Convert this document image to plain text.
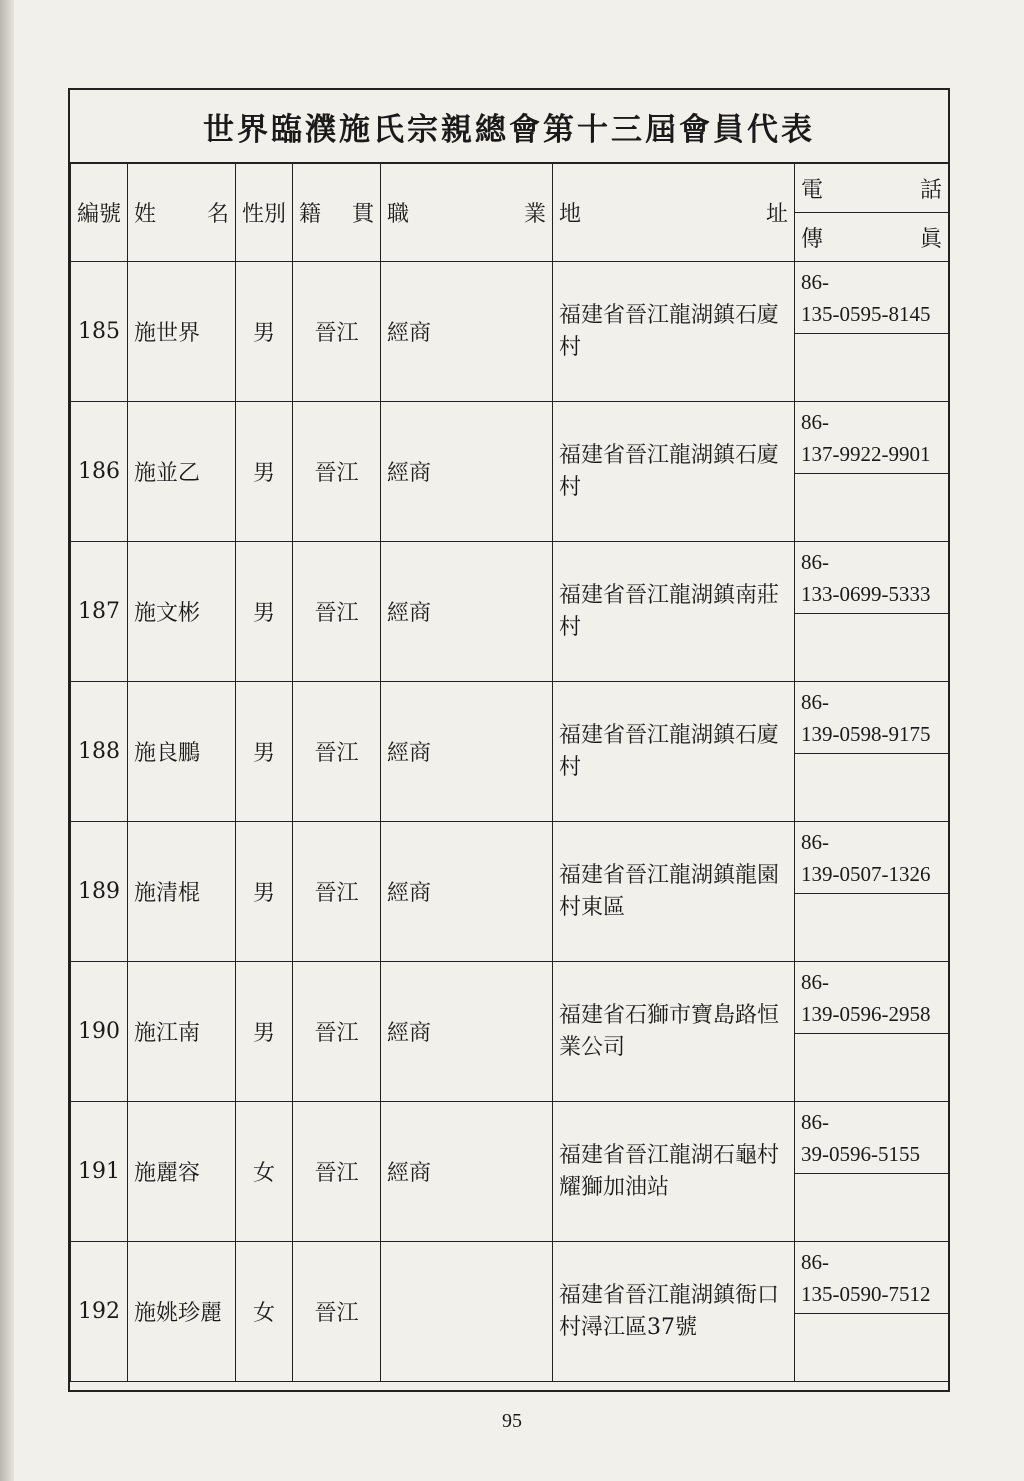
世界臨濮施氏宗親總會第十三屆會員代表
編號	姓 名	性別	籍 貫	職 業	地 址	電 話
						傳 眞
185	施世界	男	晉江	經商	福建省晉江龍湖鎮石廈村	86-
135-0595-8145

186	施並乙	男	晉江	經商	福建省晉江龍湖鎮石廈村	86-
137-9922-9901

187	施文彬	男	晉江	經商	福建省晉江龍湖鎮南莊村	86-
133-0699-5333

188	施良鵬	男	晉江	經商	福建省晉江龍湖鎮石廈村	86-
139-0598-9175

189	施清棍	男	晉江	經商	福建省晉江龍湖鎮龍園村東區	86-
139-0507-1326

190	施江南	男	晉江	經商	福建省石獅市寶島路恒業公司	86-
139-0596-2958

191	施麗容	女	晉江	經商	福建省晉江龍湖石龜村耀獅加油站	86-
39-0596-5155

192	施姚珍麗	女	晉江		福建省晉江龍湖鎮衙口村潯江區37號	86-
135-0590-7512

95
